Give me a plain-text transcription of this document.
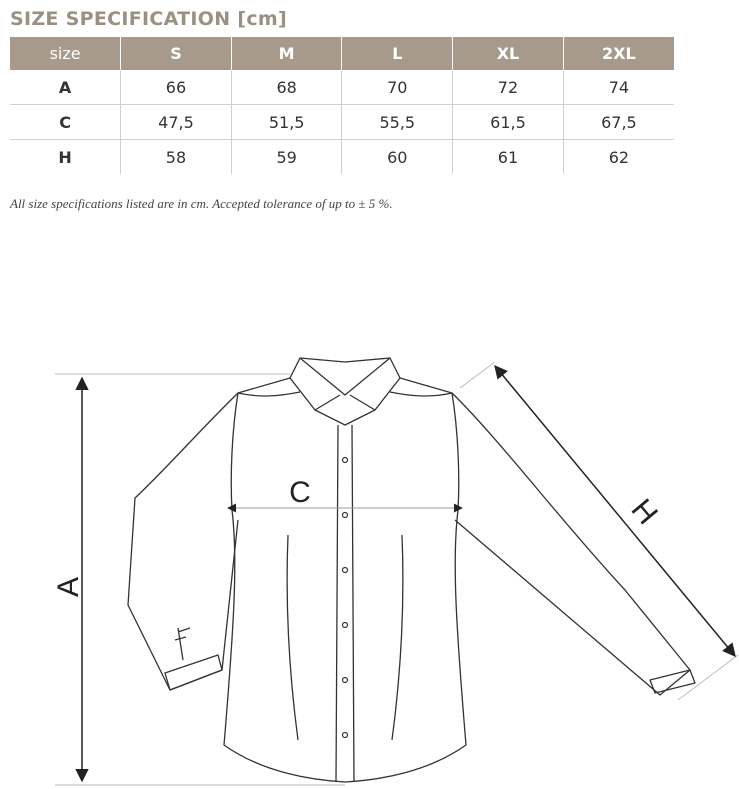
SIZE SPECIFICATION [cm]
size	S	M	L	XL	2XL
A	66	68	70	72	74
C	47,5	51,5	55,5	61,5	67,5
H	58	59	60	61	62
All size specifications listed are in cm. Accepted tolerance of up to ± 5 %.
A
C
H
